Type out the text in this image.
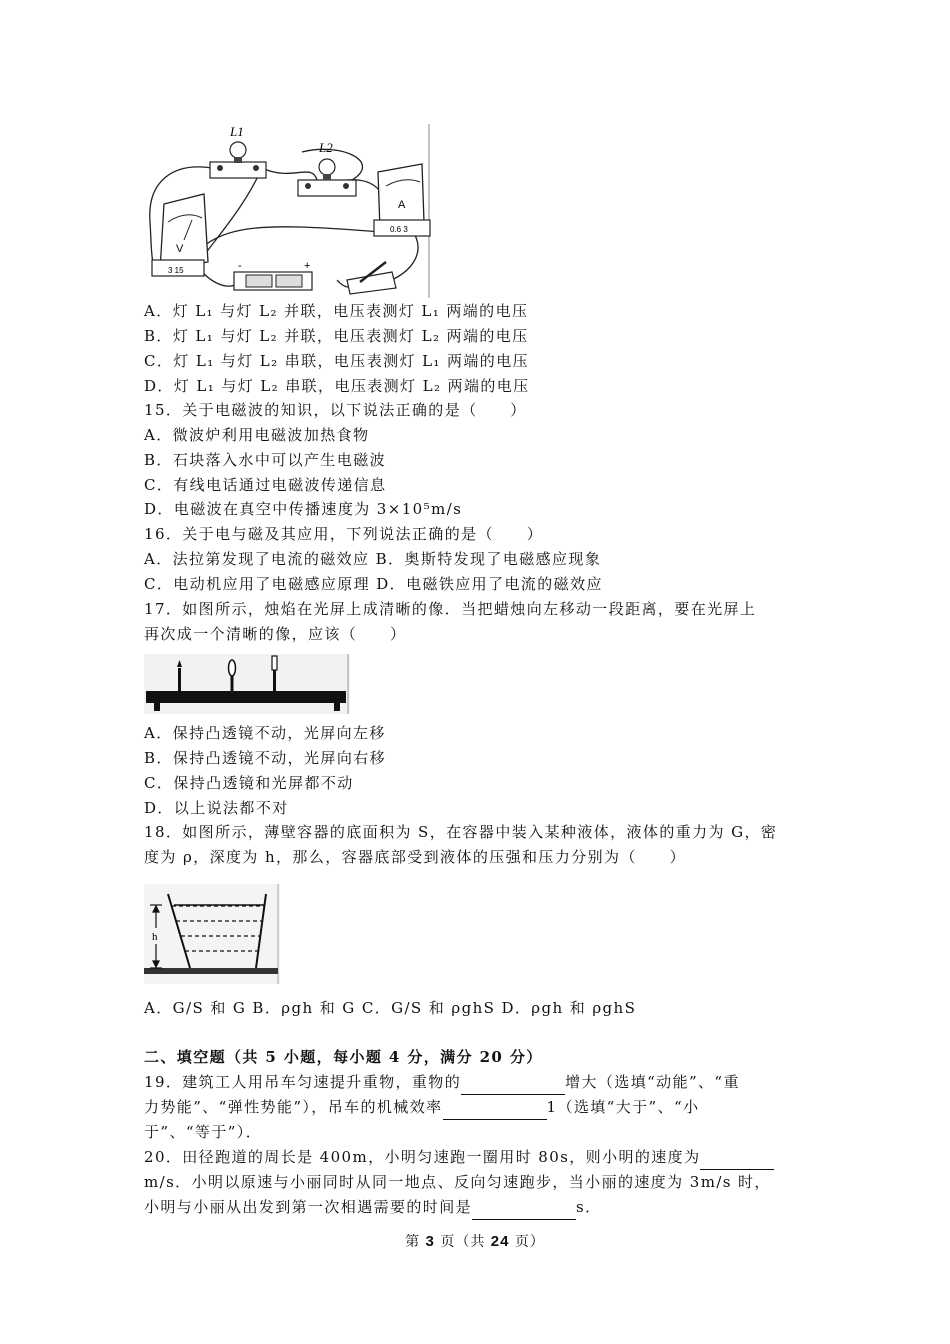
L1
L2
V
3 15
A
0.6 3
-	+
A．灯 L₁ 与灯 L₂ 并联，电压表测灯 L₁ 两端的电压
B．灯 L₁ 与灯 L₂ 并联，电压表测灯 L₂ 两端的电压
C．灯 L₁ 与灯 L₂ 串联，电压表测灯 L₁ 两端的电压
D．灯 L₁ 与灯 L₂ 串联，电压表测灯 L₂ 两端的电压
15．关于电磁波的知识，以下说法正确的是（　　）
A．微波炉利用电磁波加热食物
B．石块落入水中可以产生电磁波
C．有线电话通过电磁波传递信息
D．电磁波在真空中传播速度为 3×10⁵m/s
16．关于电与磁及其应用，下列说法正确的是（　　）
A．法拉第发现了电流的磁效应 B．奥斯特发现了电磁感应现象
C．电动机应用了电磁感应原理 D．电磁铁应用了电流的磁效应
17．如图所示，烛焰在光屏上成清晰的像．当把蜡烛向左移动一段距离，要在光屏上
再次成一个清晰的像，应该（　　）
A．保持凸透镜不动，光屏向左移
B．保持凸透镜不动，光屏向右移
C．保持凸透镜和光屏都不动
D．以上说法都不对
18．如图所示，薄壁容器的底面积为 S，在容器中装入某种液体，液体的重力为 G，密
度为 ρ，深度为 h，那么，容器底部受到液体的压强和压力分别为（　　）
h
A．G/S 和 G B．ρgh 和 G C．G/S 和 ρghS D．ρgh 和 ρghS
二、填空题（共 5 小题，每小题 4 分，满分 20 分）
19．建筑工人用吊车匀速提升重物，重物的	增大（选填“动能”、“重
力势能”、“弹性势能”），吊车的机械效率	1（选填“大于”、“小
于”、“等于”）．
20．田径跑道的周长是 400m，小明匀速跑一圈用时 80s，则小明的速度为
m/s．小明以原速与小丽同时从同一地点、反向匀速跑步，当小丽的速度为 3m/s 时，
小明与小丽从出发到第一次相遇需要的时间是	s．
第 3 页（共 24 页）
